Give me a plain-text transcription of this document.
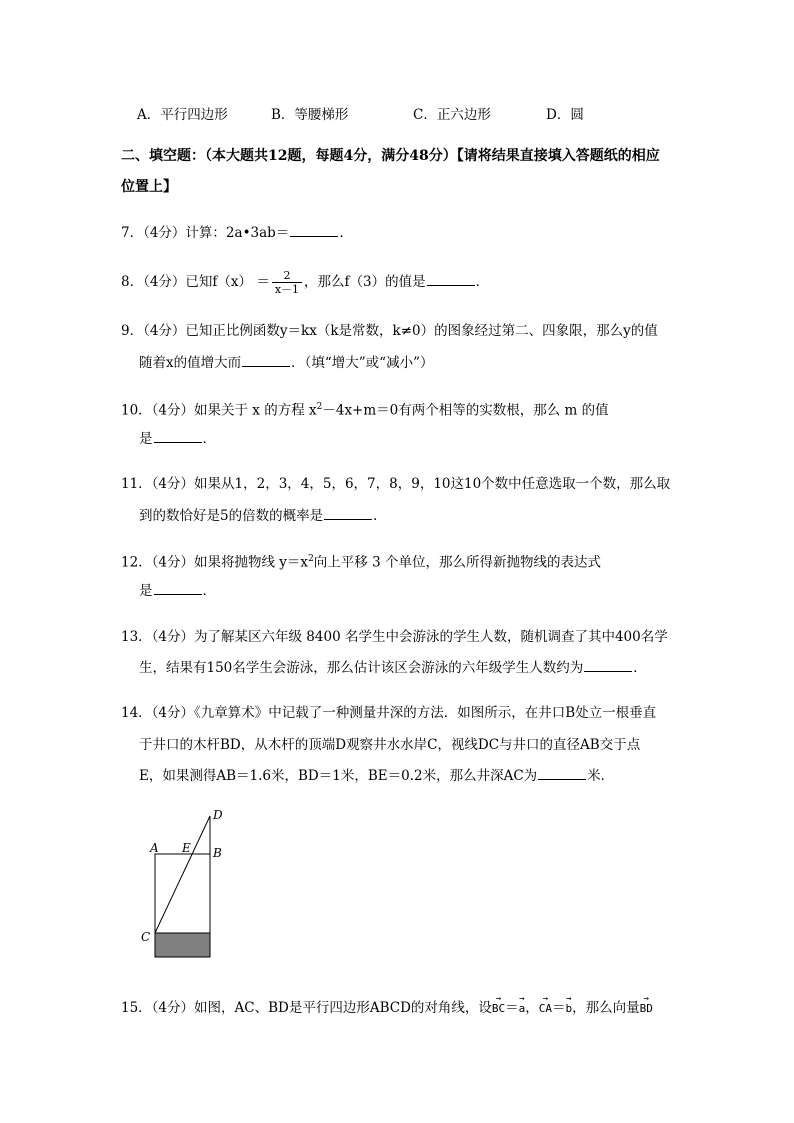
A．平行四边形	B．等腰梯形	C．正六边形	D．圆
二、填空题：（本大题共12题，每题4分，满分48分）【请将结果直接填入答题纸的相应
位置上】
7．（4分）计算：2a•3ab＝	．
8．（4分）已知$f(x) = \frac{2}{x-1}$ ，那么f（3）的值是	．
9．（4分）已知正比例函数y＝kx（k是常数，k≠0）的图象经过第二、四象限，那么y的值
随着x的值增大而	．（填“增大”或“减小”）
10．（4分）如果关于 x 的方程 $x^2-4x+m=0$有两个相等的实数根，那么 m 的值
是	．
11．（4分）如果从1，2，3，4，5，6，7，8，9，10这10个数中任意选取一个数，那么取
到的数恰好是5的倍数的概率是	．
12．（4分）如果将抛物线 $y=x^2$向上平移 3 个单位，那么所得新抛物线的表达式
是	．
13．（4分）为了解某区六年级 8400 名学生中会游泳的学生人数，随机调查了其中400名学
生，结果有150名学生会游泳，那么估计该区会游泳的六年级学生人数约为	．
14．（4分）《九章算术》中记载了一种测量井深的方法．如图所示，在井口B处立一根垂直
于井口的木杆BD，从木杆的顶端D观察井水水岸C，视线DC与井口的直径AB交于点
E，如果测得AB＝1.6米，BD＝1米，BE＝0.2米，那么井深AC为	米．
D
A E B
C
15．（4分）如图，AC、BD是平行四边形ABCD的对角线，设→ BC＝→ a，→ CA＝→ b，那么向量→ BD
